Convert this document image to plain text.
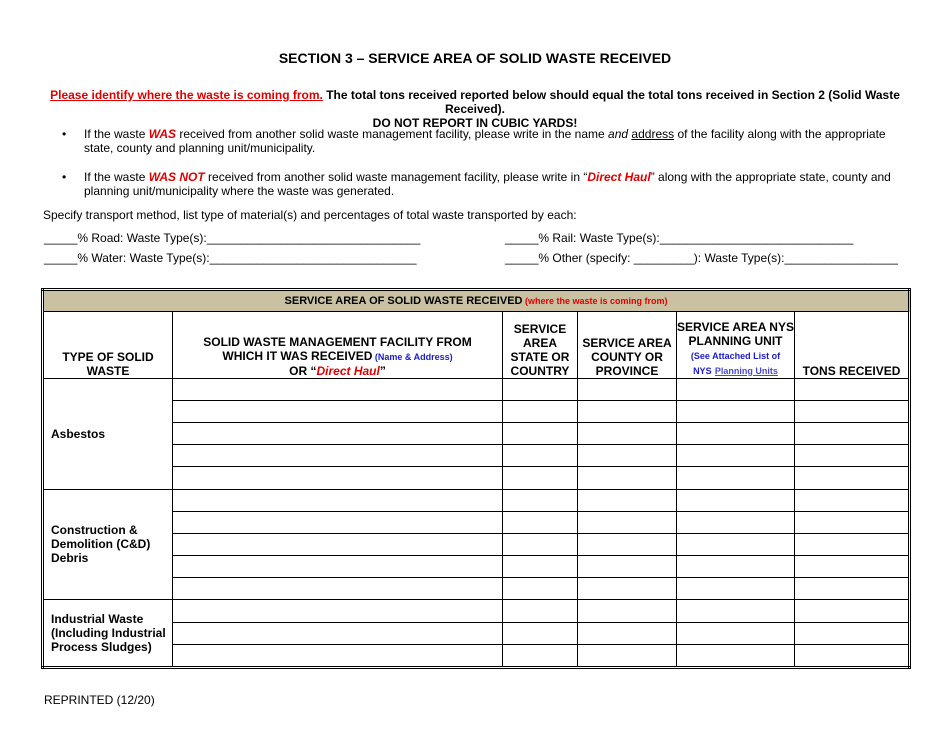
SECTION 3 – SERVICE AREA OF SOLID WASTE RECEIVED
Please identify where the waste is coming from. The total tons received reported below should equal the total tons received in Section 2 (Solid Waste Received).
DO NOT REPORT IN CUBIC YARDS!
• If the waste WAS received from another solid waste management facility, please write in the name and address of the facility along with the appropriate state, county and planning unit/municipality.
• If the waste WAS NOT received from another solid waste management facility, please write in “Direct Haul” along with the appropriate state, county and planning unit/municipality where the waste was generated.
Specify transport method, list type of material(s) and percentages of total waste transported by each:
_____% Road: Waste Type(s):________________________________	_____% Rail: Waste Type(s):_____________________________
_____% Water: Waste Type(s):_______________________________	_____% Other (specify: _________): Waste Type(s):_________________
SERVICE AREA OF SOLID WASTE RECEIVED (where the waste is coming from)					
TYPE OF SOLID WASTE	SOLID WASTE MANAGEMENT FACILITY FROM WHICH IT WAS RECEIVED (Name & Address)
OR “Direct Haul”	SERVICE AREA STATE OR COUNTRY	SERVICE AREA COUNTY OR PROVINCE	SERVICE AREA NYS PLANNING UNIT
(See Attached List of
NYS Planning Units	TONS RECEIVED
Asbestos					

Construction & Demolition (C&D) Debris					

Industrial Waste (Including Industrial Process Sludges)					

REPRINTED (12/20)
